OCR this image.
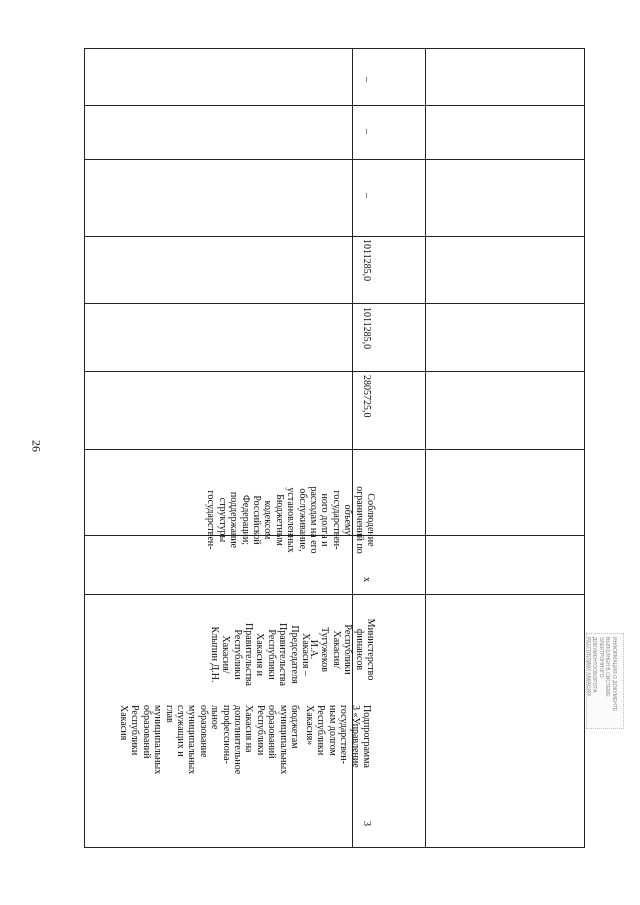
26
бюджетам
муниципальных
образований
Республики
Хакасия на
дополнительное
профессиона-
льное
образование
муниципальных
служащих и
глав
муниципальных
образований
Республики
Хакасия
Хакасия –
Председателя
Правительства
Республики
Хакасия и
Правительства
Республики
Хакасия/
Клыпин Д.Н.
3
Подпрограмма
3 «Управление
государствен-
ным долгом
Республики
Хакасия»
Министерство
финансов
Республики
Хакасия/
Тугужеков
И.А.
x
Соблюдение
ограничений по
объему
государствен-
ного долга и
расходам на его
обслуживание,
установленных
Бюджетным
кодексом
Российской
Федерации;
поддержание
структуры
государствен-
2805725,0
1011285,0
1011285,0
–
–
–
ИНФОРМАЦИЯ О ДОКУМЕНТЕ
ВЫПОЛНЕН В СИСТЕМЕ
ЭЛЕКТРОННОГО ДОКУМЕНТООБОРОТА
РЕСПУБЛИКИ ХАКАСИЯ
